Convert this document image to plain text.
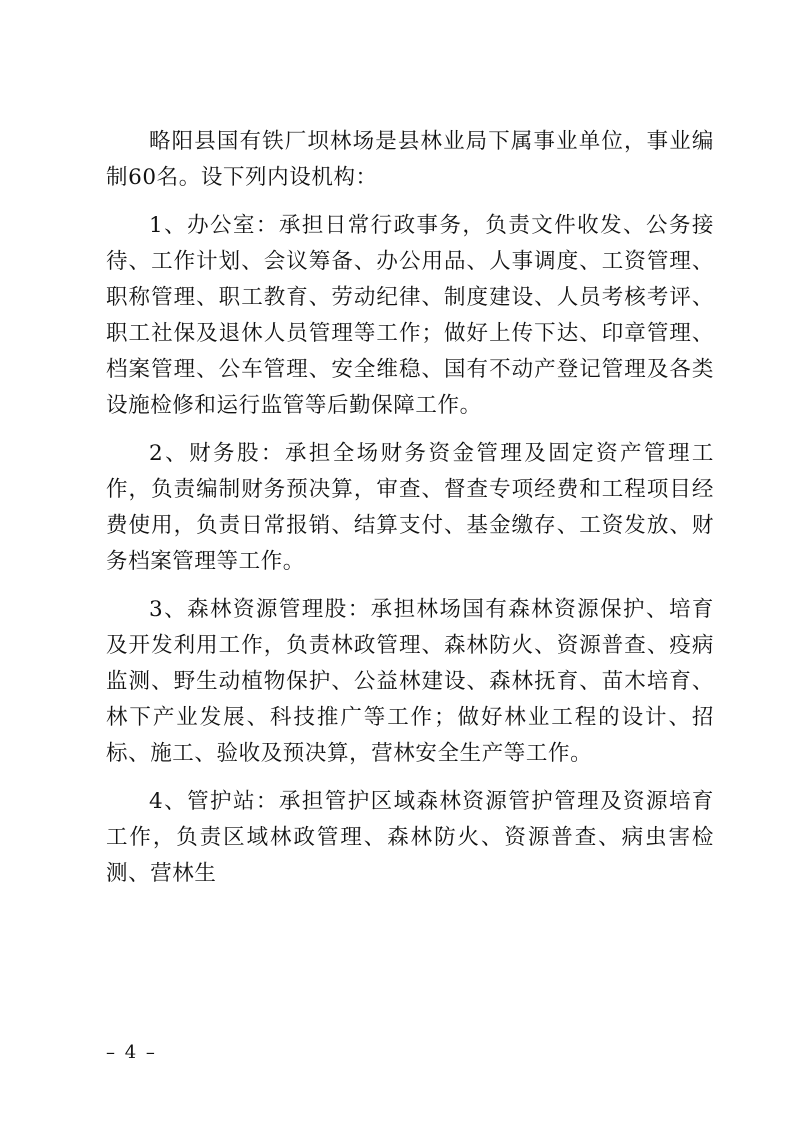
略阳县国有铁厂坝林场是县林业局下属事业单位，事业编制60名。设下列内设机构：

1、办公室：承担日常行政事务，负责文件收发、公务接待、工作计划、会议筹备、办公用品、人事调度、工资管理、职称管理、职工教育、劳动纪律、制度建设、人员考核考评、职工社保及退休人员管理等工作；做好上传下达、印章管理、档案管理、公车管理、安全维稳、国有不动产登记管理及各类设施检修和运行监管等后勤保障工作。

2、财务股：承担全场财务资金管理及固定资产管理工作，负责编制财务预决算，审查、督查专项经费和工程项目经费使用，负责日常报销、结算支付、基金缴存、工资发放、财务档案管理等工作。

3、森林资源管理股：承担林场国有森林资源保护、培育及开发利用工作，负责林政管理、森林防火、资源普查、疫病监测、野生动植物保护、公益林建设、森林抚育、苗木培育、林下产业发展、科技推广等工作；做好林业工程的设计、招标、施工、验收及预决算，营林安全生产等工作。

4、管护站：承担管护区域森林资源管护管理及资源培育工作，负责区域林政管理、森林防火、资源普查、病虫害检测、营林生

– 4 –
